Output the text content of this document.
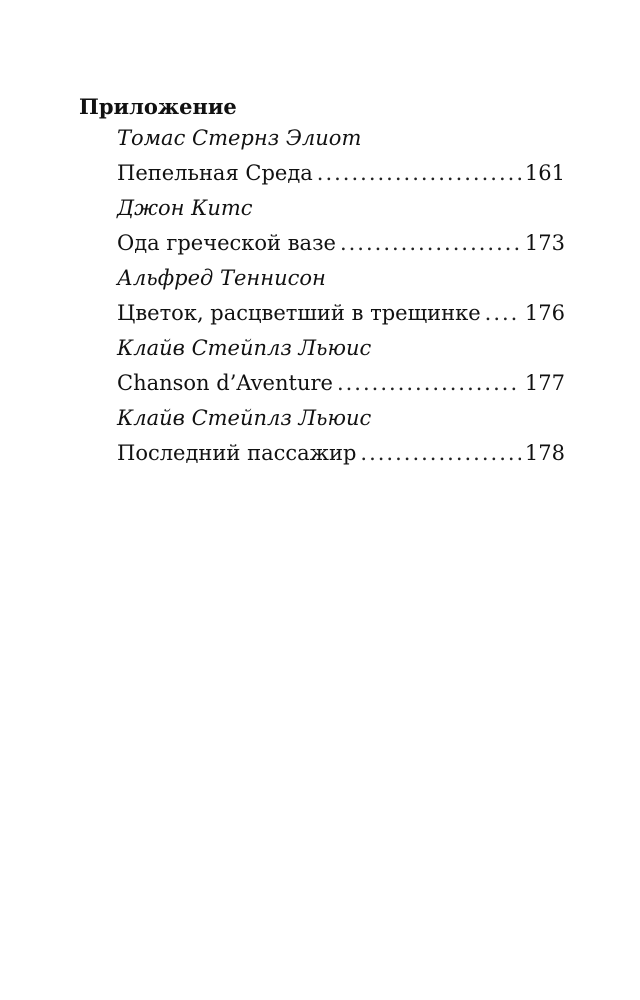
Приложение
Томас Стернз Элиот
Пепельная Среда .....	161
Джон Китс
Ода греческой вазе .....	173
Альфред Теннисон
Цветок, расцветший в трещинке ..... 176
Клайв Стейплз Льюис
Chanson d’Aventure .....	177
Клайв Стейплз Льюис
Последний пассажир .....	178
